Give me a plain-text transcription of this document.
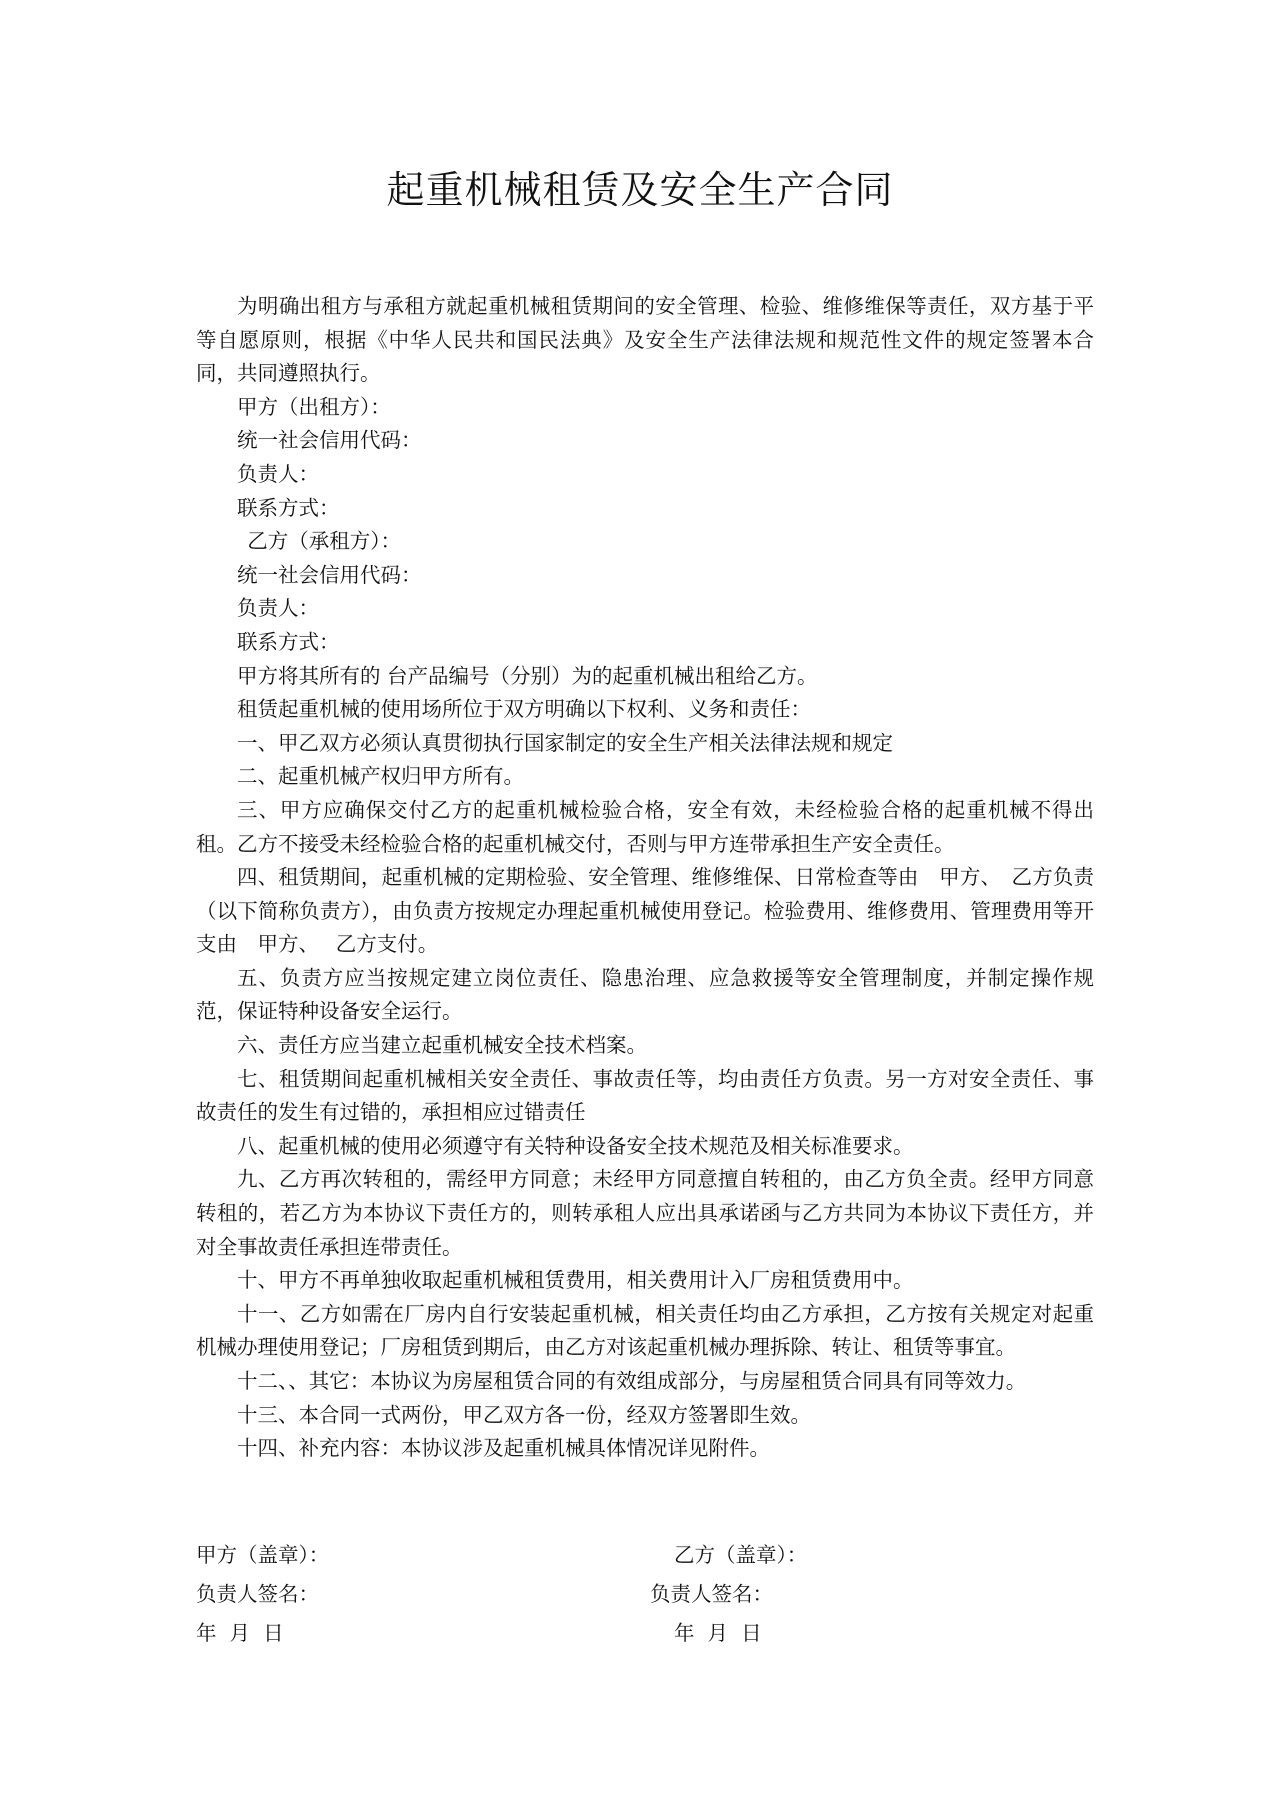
起重机械租赁及安全生产合同

为明确出租方与承租方就起重机械租赁期间的安全管理、检验、维修维保等责任，双方基于平等自愿原则，根据《中华人民共和国民法典》及安全生产法律法规和规范性文件的规定签署本合同，共同遵照执行。

甲方（出租方）：

统一社会信用代码：

负责人：

联系方式：

乙方（承租方）：

统一社会信用代码：

负责人：

联系方式：

甲方将其所有的 台产品编号（分别）为的起重机械出租给乙方。

租赁起重机械的使用场所位于双方明确以下权利、义务和责任：

一、甲乙双方必须认真贯彻执行国家制定的安全生产相关法律法规和规定

二、起重机械产权归甲方所有。

三、甲方应确保交付乙方的起重机械检验合格，安全有效，未经检验合格的起重机械不得出租。乙方不接受未经检验合格的起重机械交付，否则与甲方连带承担生产安全责任。

四、租赁期间，起重机械的定期检验、安全管理、维修维保、日常检查等由　甲方、　乙方负责（以下简称负责方），由负责方按规定办理起重机械使用登记。检验费用、维修费用、管理费用等开支由　甲方、　 乙方支付。

五、负责方应当按规定建立岗位责任、隐患治理、应急救援等安全管理制度，并制定操作规范，保证特种设备安全运行。

六、责任方应当建立起重机械安全技术档案。

七、租赁期间起重机械相关安全责任、事故责任等，均由责任方负责。另一方对安全责任、事故责任的发生有过错的，承担相应过错责任

八、起重机械的使用必须遵守有关特种设备安全技术规范及相关标准要求。

九、乙方再次转租的，需经甲方同意；未经甲方同意擅自转租的，由乙方负全责。经甲方同意转租的，若乙方为本协议下责任方的，则转承租人应出具承诺函与乙方共同为本协议下责任方，并对全事故责任承担连带责任。

十、甲方不再单独收取起重机械租赁费用，相关费用计入厂房租赁费用中。

十一、乙方如需在厂房内自行安装起重机械，相关责任均由乙方承担，乙方按有关规定对起重机械办理使用登记；厂房租赁到期后，由乙方对该起重机械办理拆除、转让、租赁等事宜。

十二、、其它：本协议为房屋租赁合同的有效组成部分，与房屋租赁合同具有同等效力。

十三、本合同一式两份，甲乙双方各一份，经双方签署即生效。

十四、补充内容：本协议涉及起重机械具体情况详见附件。

甲方（盖章）：
负责人签名：
年  月  日
乙方（盖章）：
负责人签名：
年  月  日
